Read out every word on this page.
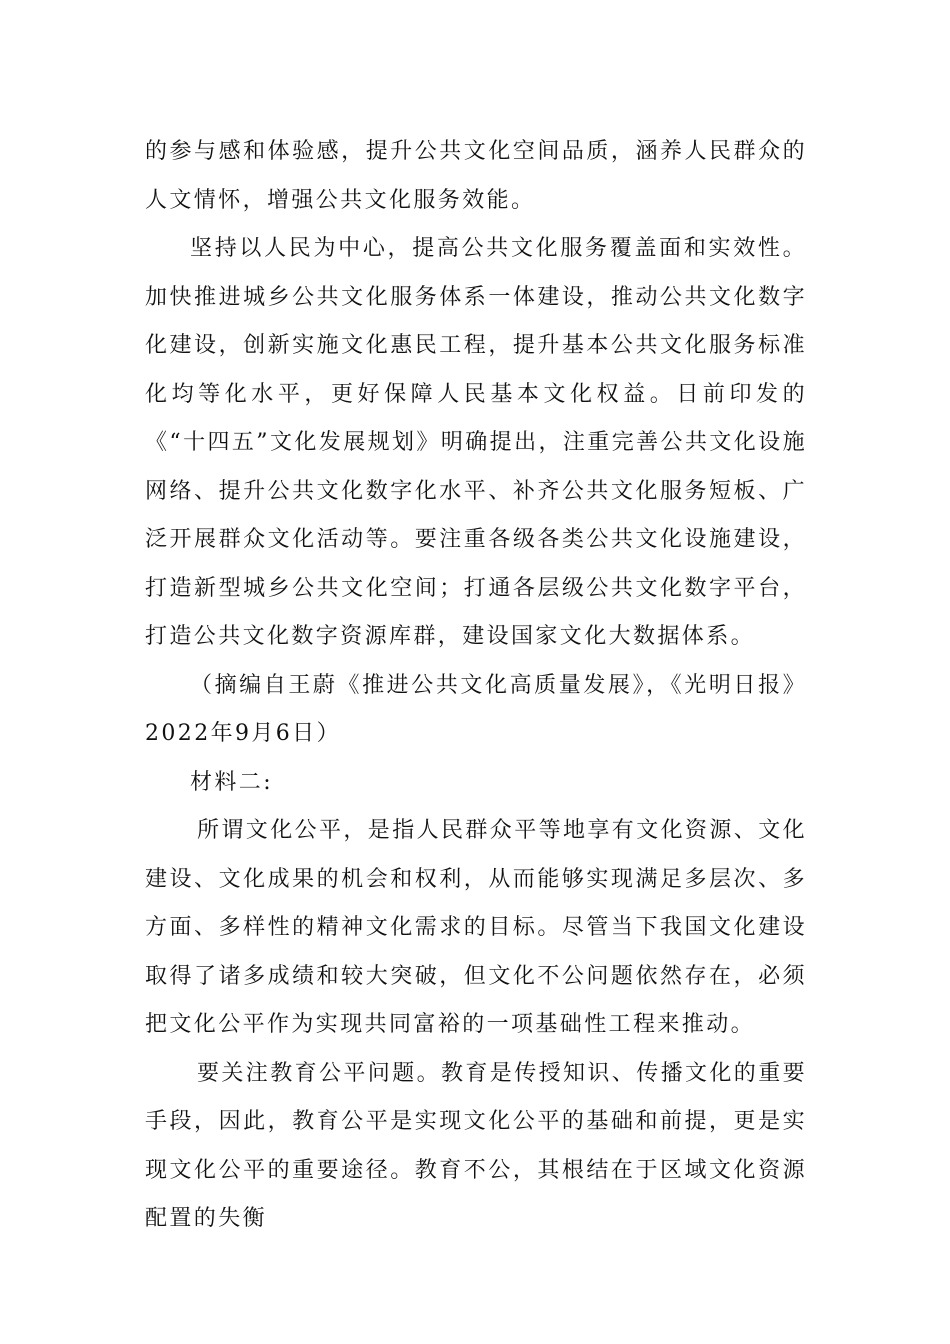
的参与感和体验感，提升公共文化空间品质，涵养人民群众的人文情怀，增强公共文化服务效能。

坚持以人民为中心，提高公共文化服务覆盖面和实效性。加快推进城乡公共文化服务体系一体建设，推动公共文化数字化建设，创新实施文化惠民工程，提升基本公共文化服务标准化均等化水平，更好保障人民基本文化权益。日前印发的《“十四五”文化发展规划》明确提出，注重完善公共文化设施网络、提升公共文化数字化水平、补齐公共文化服务短板、广泛开展群众文化活动等。要注重各级各类公共文化设施建设，打造新型城乡公共文化空间；打通各层级公共文化数字平台，打造公共文化数字资源库群，建设国家文化大数据体系。

（摘编自王蔚《推进公共文化高质量发展》，《光明日报》2022年9月6日）

材料二:

所谓文化公平，是指人民群众平等地享有文化资源、文化建设、文化成果的机会和权利，从而能够实现满足多层次、多方面、多样性的精神文化需求的目标。尽管当下我国文化建设取得了诸多成绩和较大突破，但文化不公问题依然存在，必须把文化公平作为实现共同富裕的一项基础性工程来推动。

要关注教育公平问题。教育是传授知识、传播文化的重要手段，因此，教育公平是实现文化公平的基础和前提，更是实现文化公平的重要途径。教育不公，其根结在于区域文化资源配置的失衡
